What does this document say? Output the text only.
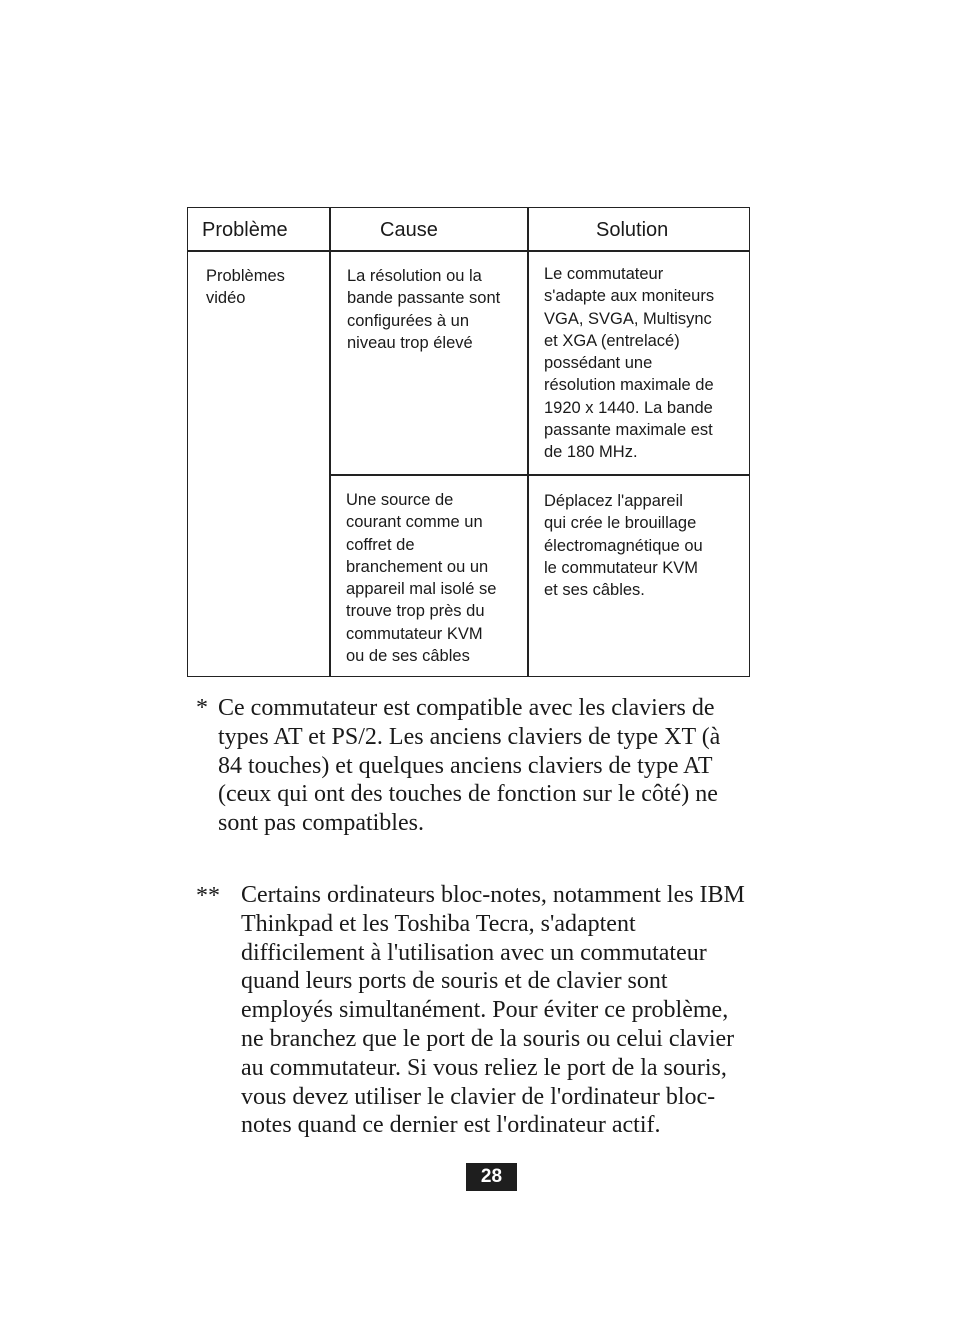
Problème	Cause	Solution
Problèmes
vidéo
La résolution ou la
bande passante sont
configurées à un
niveau trop élevé
Le commutateur
s'adapte aux moniteurs
VGA, SVGA, Multisync
et XGA (entrelacé)
possédant une
résolution maximale de
1920 x 1440. La bande
passante maximale est
de 180 MHz.
Une source de
courant comme un
coffret de
branchement ou un
appareil mal isolé se
trouve trop près du
commutateur KVM
ou de ses câbles
Déplacez l'appareil
qui crée le brouillage
électromagnétique ou
le commutateur KVM
et ses câbles.
* Ce commutateur est compatible avec les claviers de
types AT et PS/2. Les anciens claviers de type XT (à
84 touches) et quelques anciens claviers de type AT
(ceux qui ont des touches de fonction sur le côté) ne
sont pas compatibles.
** Certains ordinateurs bloc-notes, notamment les IBM
Thinkpad et les Toshiba Tecra, s'adaptent
difficilement à l'utilisation avec un commutateur
quand leurs ports de souris et de clavier sont
employés simultanément. Pour éviter ce problème,
ne branchez que le port de la souris ou celui clavier
au commutateur. Si vous reliez le port de la souris,
vous devez utiliser le clavier de l'ordinateur bloc-
notes quand ce dernier est l'ordinateur actif.
28
